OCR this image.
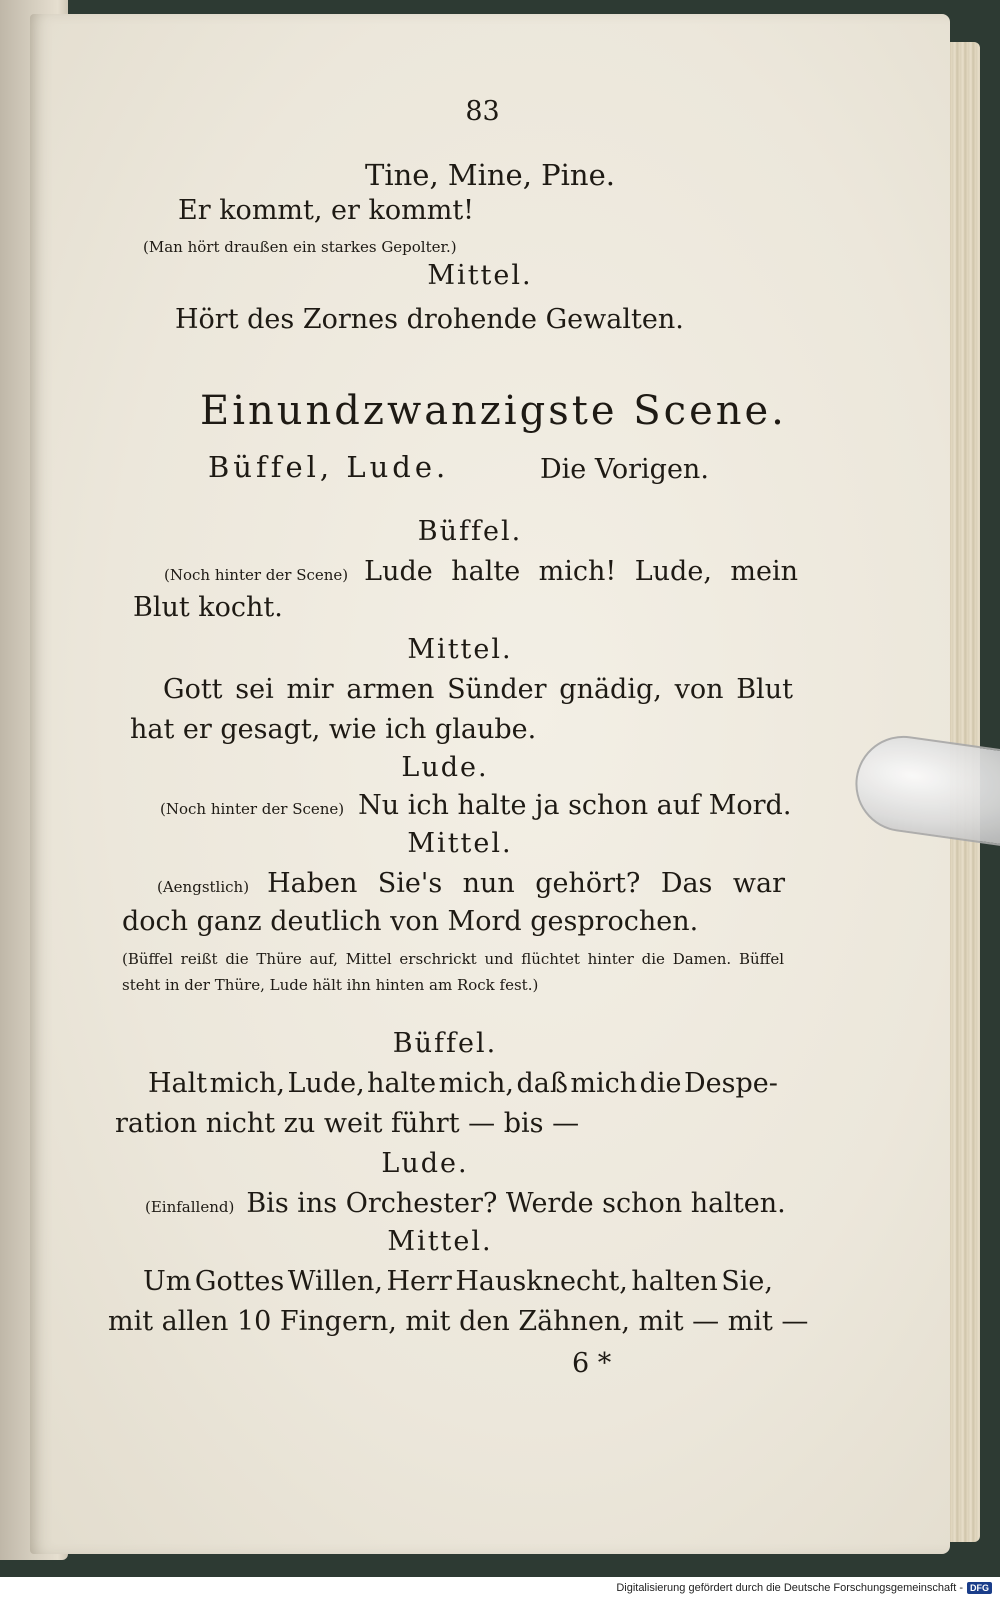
83
Tine, Mine, Pine.
Er kommt, er kommt!
(Man hört draußen ein starkes Gepolter.)
Mittel.
Hört des Zornes drohende Gewalten.
Einundzwanzigste Scene.
Büffel, Lude.	Die Vorigen.
Büffel.
(Noch hinter der Scene) Lude halte mich! Lude, mein
Blut kocht.
Mittel.
Gott sei mir armen Sünder gnädig, von Blut
hat er gesagt, wie ich glaube.
Lude.
(Noch hinter der Scene) Nu ich halte ja schon auf Mord.
Mittel.
(Aengstlich) Haben Sie's nun gehört? Das war
doch ganz deutlich von Mord gesprochen.
(Büffel reißt die Thüre auf, Mittel erschrickt und flüchtet hinter die Damen. Büffel steht in der Thüre, Lude hält ihn hinten am Rock fest.)
Büffel.
Halt mich, Lude, halte mich, daß mich die Despe-
ration nicht zu weit führt — bis —
Lude.
(Einfallend) Bis ins Orchester? Werde schon halten.
Mittel.
Um Gottes Willen, Herr Hausknecht, halten Sie,
mit allen 10 Fingern, mit den Zähnen, mit — mit —
6 *
Digitalisierung gefördert durch die Deutsche Forschungsgemeinschaft - DFG
